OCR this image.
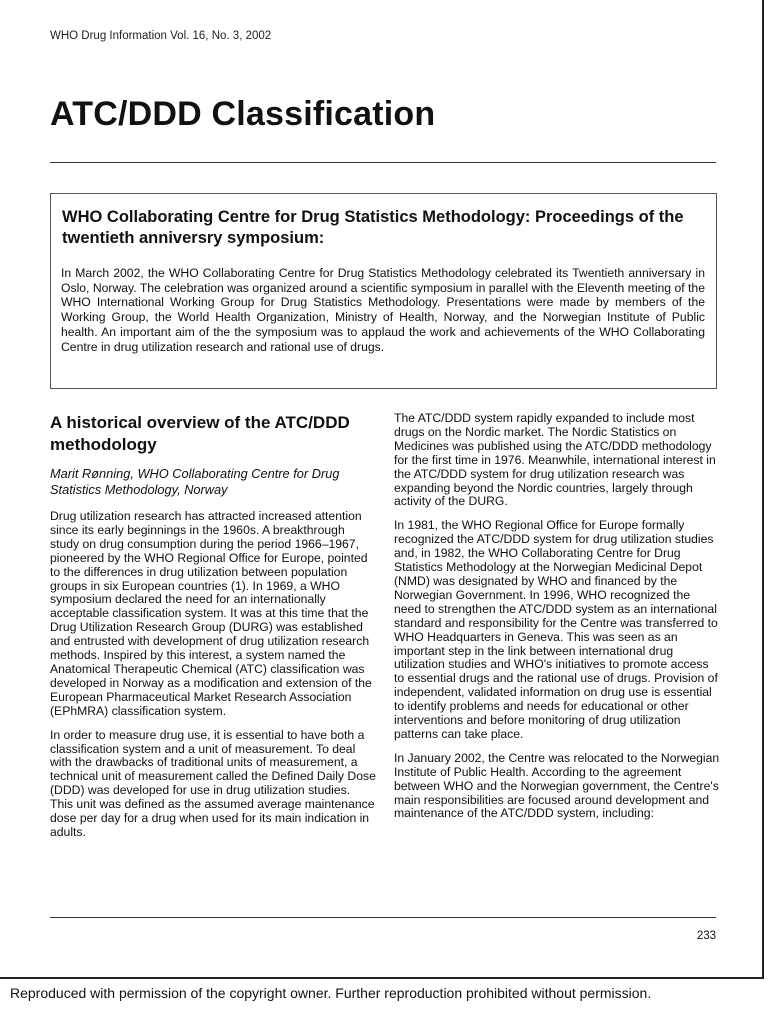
WHO Drug Information Vol. 16, No. 3, 2002
ATC/DDD Classification
WHO Collaborating Centre for Drug Statistics Methodology: Proceedings of the twentieth anniversry symposium:

In March 2002, the WHO Collaborating Centre for Drug Statistics Methodology celebrated its Twentieth anniversary in Oslo, Norway. The celebration was organized around a scientific symposium in parallel with the Eleventh meeting of the WHO International Working Group for Drug Statistics Methodology. Presentations were made by members of the Working Group, the World Health Organization, Ministry of Health, Norway, and the Norwegian Institute of Public health. An important aim of the the symposium was to applaud the work and achievements of the WHO Collaborating Centre in drug utilization research and rational use of drugs.

A historical overview of the ATC/DDD methodology

Marit Rønning, WHO Collaborating Centre for Drug Statistics Methodology, Norway

Drug utilization research has attracted increased attention since its early beginnings in the 1960s. A breakthrough study on drug consumption during the period 1966–1967, pioneered by the WHO Regional Office for Europe, pointed to the differences in drug utilization between population groups in six European countries (1). In 1969, a WHO symposium declared the need for an internationally acceptable classification system. It was at this time that the Drug Utilization Research Group (DURG) was established and entrusted with development of drug utilization research methods. Inspired by this interest, a system named the Anatomical Therapeutic Chemical (ATC) classification was developed in Norway as a modification and extension of the European Pharmaceutical Market Research Association (EPhMRA) classification system.

In order to measure drug use, it is essential to have both a classification system and a unit of measurement. To deal with the drawbacks of traditional units of measurement, a technical unit of measurement called the Defined Daily Dose (DDD) was developed for use in drug utilization studies. This unit was defined as the assumed average maintenance dose per day for a drug when used for its main indication in adults.

The ATC/DDD system rapidly expanded to include most drugs on the Nordic market. The Nordic Statistics on Medicines was published using the ATC/DDD methodology for the first time in 1976. Meanwhile, international interest in the ATC/DDD system for drug utilization research was expanding beyond the Nordic countries, largely through activity of the DURG.

In 1981, the WHO Regional Office for Europe formally recognized the ATC/DDD system for drug utilization studies and, in 1982, the WHO Collaborating Centre for Drug Statistics Methodology at the Norwegian Medicinal Depot (NMD) was designated by WHO and financed by the Norwegian Government. In 1996, WHO recognized the need to strengthen the ATC/DDD system as an international standard and responsibility for the Centre was transferred to WHO Headquarters in Geneva. This was seen as an important step in the link between international drug utilization studies and WHO's initiatives to promote access to essential drugs and the rational use of drugs. Provision of independent, validated information on drug use is essential to identify problems and needs for educational or other interventions and before monitoring of drug utilization patterns can take place.

In January 2002, the Centre was relocated to the Norwegian Institute of Public Health. According to the agreement between WHO and the Norwegian government, the Centre's main responsibilities are focused around development and maintenance of the ATC/DDD system, including:

233
Reproduced with permission of the copyright owner. Further reproduction prohibited without permission.
